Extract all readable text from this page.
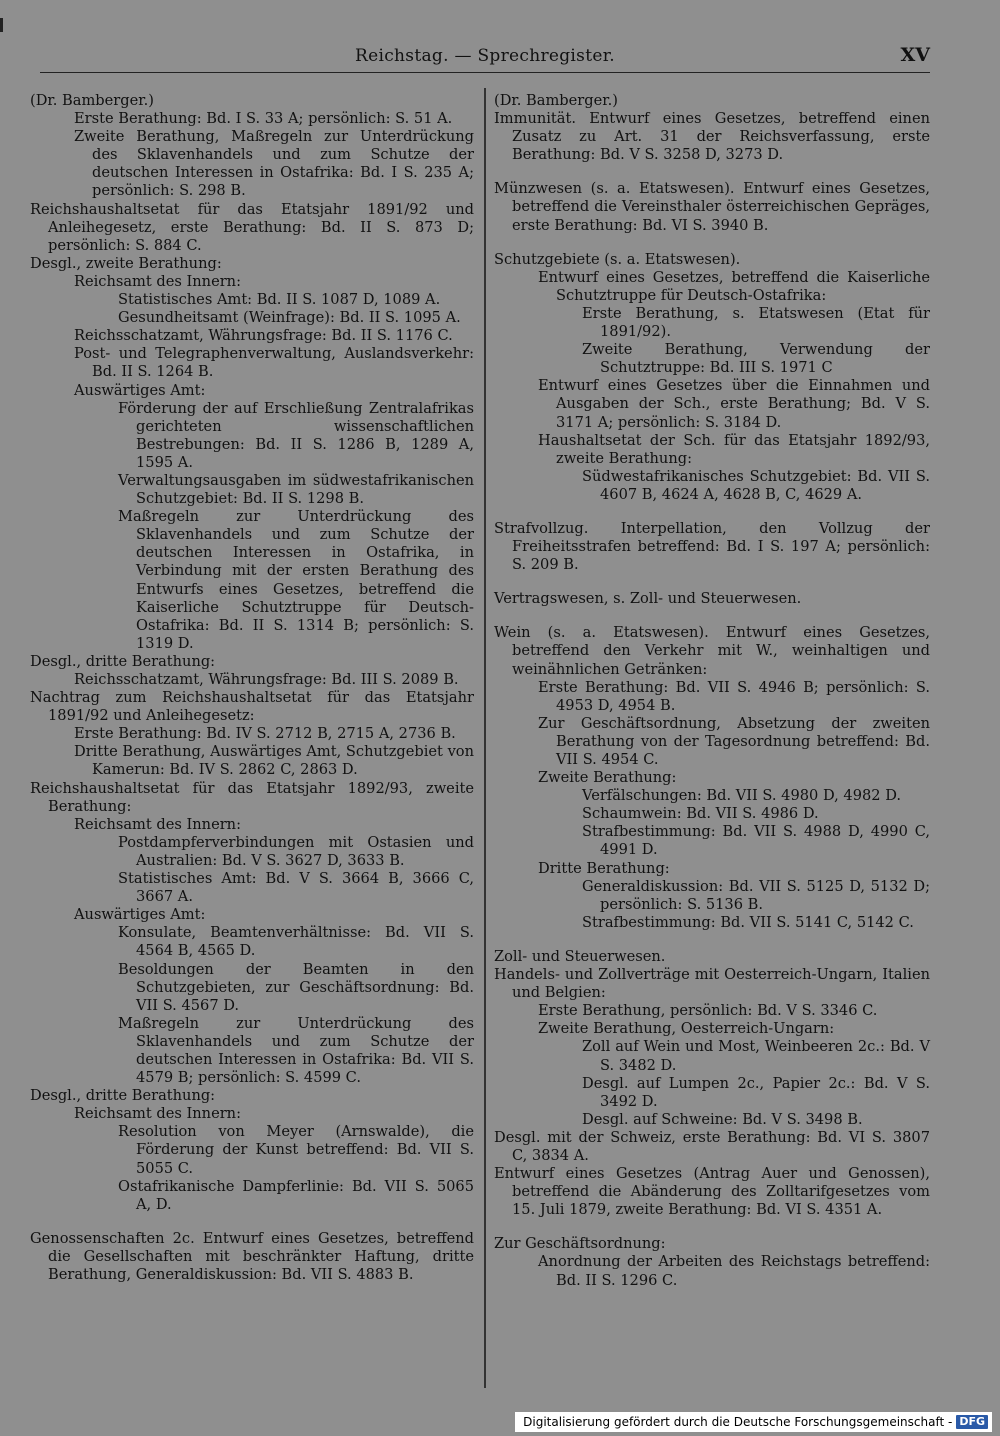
Reichstag. — Sprechregister.	XV

(Dr. Bamberger.)

Erste Berathung: Bd. I S. 33 A; persönlich: S. 51 A.

Zweite Berathung, Maßregeln zur Unterdrückung des Sklavenhandels und zum Schutze der deutschen Interessen in Ostafrika: Bd. I S. 235 A; persönlich: S. 298 B.

Reichshaushaltsetat für das Etatsjahr 1891/92 und Anleihegesetz, erste Berathung: Bd. II S. 873 D; persönlich: S. 884 C.

Desgl., zweite Berathung:

Reichsamt des Innern:

Statistisches Amt: Bd. II S. 1087 D, 1089 A.

Gesundheitsamt (Weinfrage): Bd. II S. 1095 A.

Reichsschatzamt, Währungsfrage: Bd. II S. 1176 C.

Post- und Telegraphenverwaltung, Auslandsverkehr: Bd. II S. 1264 B.

Auswärtiges Amt:

Förderung der auf Erschließung Zentralafrikas gerichteten wissenschaftlichen Bestrebungen: Bd. II S. 1286 B, 1289 A, 1595 A.

Verwaltungsausgaben im südwestafrikanischen Schutzgebiet: Bd. II S. 1298 B.

Maßregeln zur Unterdrückung des Sklavenhandels und zum Schutze der deutschen Interessen in Ostafrika, in Verbindung mit der ersten Berathung des Entwurfs eines Gesetzes, betreffend die Kaiserliche Schutztruppe für Deutsch-Ostafrika: Bd. II S. 1314 B; persönlich: S. 1319 D.

Desgl., dritte Berathung:

Reichsschatzamt, Währungsfrage: Bd. III S. 2089 B.

Nachtrag zum Reichshaushaltsetat für das Etatsjahr 1891/92 und Anleihegesetz:

Erste Berathung: Bd. IV S. 2712 B, 2715 A, 2736 B.

Dritte Berathung, Auswärtiges Amt, Schutzgebiet von Kamerun: Bd. IV S. 2862 C, 2863 D.

Reichshaushaltsetat für das Etatsjahr 1892/93, zweite Berathung:

Reichsamt des Innern:

Postdampferverbindungen mit Ostasien und Australien: Bd. V S. 3627 D, 3633 B.

Statistisches Amt: Bd. V S. 3664 B, 3666 C, 3667 A.

Auswärtiges Amt:

Konsulate, Beamtenverhältnisse: Bd. VII S. 4564 B, 4565 D.

Besoldungen der Beamten in den Schutzgebieten, zur Geschäftsordnung: Bd. VII S. 4567 D.

Maßregeln zur Unterdrückung des Sklavenhandels und zum Schutze der deutschen Interessen in Ostafrika: Bd. VII S. 4579 B; persönlich: S. 4599 C.

Desgl., dritte Berathung:

Reichsamt des Innern:

Resolution von Meyer (Arnswalde), die Förderung der Kunst betreffend: Bd. VII S. 5055 C.

Ostafrikanische Dampferlinie: Bd. VII S. 5065 A, D.

Genossenschaften 2c. Entwurf eines Gesetzes, betreffend die Gesellschaften mit beschränkter Haftung, dritte Berathung, Generaldiskussion: Bd. VII S. 4883 B.

(Dr. Bamberger.)

Immunität. Entwurf eines Gesetzes, betreffend einen Zusatz zu Art. 31 der Reichsverfassung, erste Berathung: Bd. V S. 3258 D, 3273 D.

Münzwesen (s. a. Etatswesen). Entwurf eines Gesetzes, betreffend die Vereinsthaler österreichischen Gepräges, erste Berathung: Bd. VI S. 3940 B.

Schutzgebiete (s. a. Etatswesen).

Entwurf eines Gesetzes, betreffend die Kaiserliche Schutztruppe für Deutsch-Ostafrika:

Erste Berathung, s. Etatswesen (Etat für 1891/92).

Zweite Berathung, Verwendung der Schutztruppe: Bd. III S. 1971 C

Entwurf eines Gesetzes über die Einnahmen und Ausgaben der Sch., erste Berathung; Bd. V S. 3171 A; persönlich: S. 3184 D.

Haushaltsetat der Sch. für das Etatsjahr 1892/93, zweite Berathung:

Südwestafrikanisches Schutzgebiet: Bd. VII S. 4607 B, 4624 A, 4628 B, C, 4629 A.

Strafvollzug. Interpellation, den Vollzug der Freiheitsstrafen betreffend: Bd. I S. 197 A; persönlich: S. 209 B.

Vertragswesen, s. Zoll- und Steuerwesen.

Wein (s. a. Etatswesen). Entwurf eines Gesetzes, betreffend den Verkehr mit W., weinhaltigen und weinähnlichen Getränken:

Erste Berathung: Bd. VII S. 4946 B; persönlich: S. 4953 D, 4954 B.

Zur Geschäftsordnung, Absetzung der zweiten Berathung von der Tagesordnung betreffend: Bd. VII S. 4954 C.

Zweite Berathung:

Verfälschungen: Bd. VII S. 4980 D, 4982 D.

Schaumwein: Bd. VII S. 4986 D.

Strafbestimmung: Bd. VII S. 4988 D, 4990 C, 4991 D.

Dritte Berathung:

Generaldiskussion: Bd. VII S. 5125 D, 5132 D; persönlich: S. 5136 B.

Strafbestimmung: Bd. VII S. 5141 C, 5142 C.

Zoll- und Steuerwesen.

Handels- und Zollverträge mit Oesterreich-Ungarn, Italien und Belgien:

Erste Berathung, persönlich: Bd. V S. 3346 C.

Zweite Berathung, Oesterreich-Ungarn:

Zoll auf Wein und Most, Weinbeeren 2c.: Bd. V S. 3482 D.

Desgl. auf Lumpen 2c., Papier 2c.: Bd. V S. 3492 D.

Desgl. auf Schweine: Bd. V S. 3498 B.

Desgl. mit der Schweiz, erste Berathung: Bd. VI S. 3807 C, 3834 A.

Entwurf eines Gesetzes (Antrag Auer und Genossen), betreffend die Abänderung des Zolltarifgesetzes vom 15. Juli 1879, zweite Berathung: Bd. VI S. 4351 A.

Zur Geschäftsordnung:

Anordnung der Arbeiten des Reichstags betreffend: Bd. II S. 1296 C.

Digitalisierung gefördert durch die Deutsche Forschungsgemeinschaft - DFG
